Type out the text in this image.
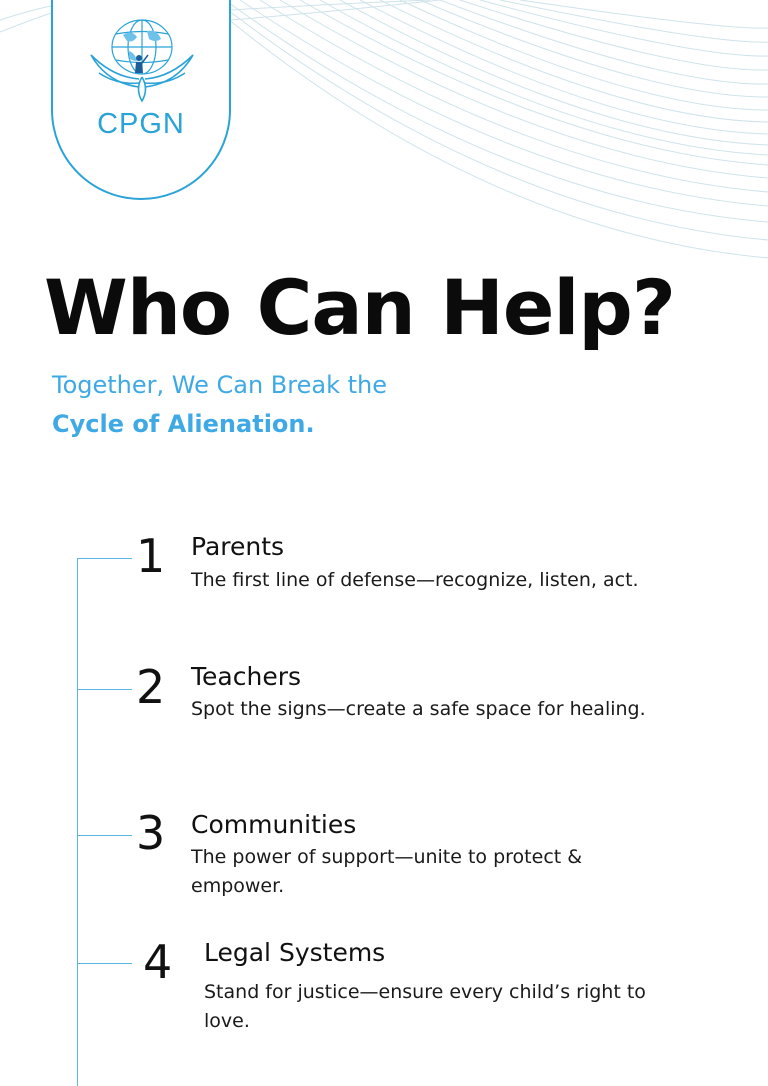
CPGN
Who Can Help?
Together, We Can Break the
Cycle of Alienation.
1 Parents
The first line of defense—recognize, listen, act.
2 Teachers
Spot the signs—create a safe space for healing.
3 Communities
The power of support—unite to protect & empower.
4 Legal Systems
Stand for justice—ensure every child’s right to love.
